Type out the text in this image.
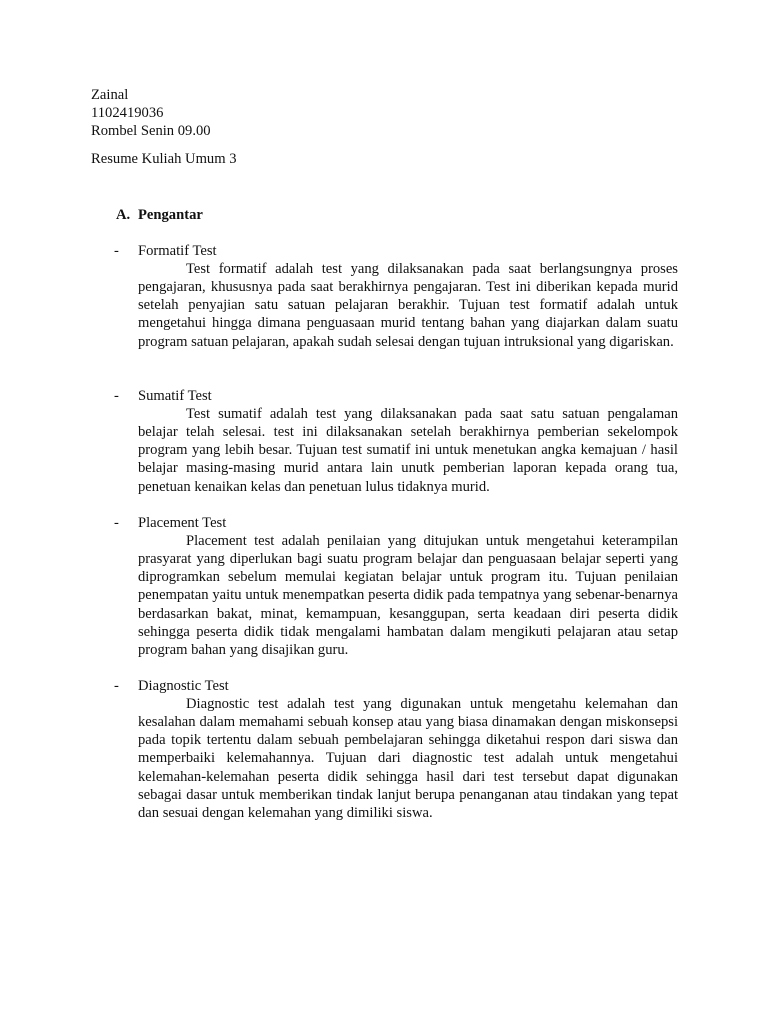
Zainal
1102419036
Rombel Senin 09.00
Resume Kuliah Umum 3
A. Pengantar
- Formatif Test
Test formatif adalah test yang dilaksanakan pada saat berlangsungnya proses pengajaran, khususnya pada saat berakhirnya pengajaran. Test ini diberikan kepada murid setelah penyajian satu satuan pelajaran berakhir. Tujuan test formatif adalah untuk mengetahui hingga dimana penguasaan murid tentang bahan yang diajarkan dalam suatu program satuan pelajaran, apakah sudah selesai dengan tujuan intruksional yang digariskan.
- Sumatif Test
Test sumatif adalah test yang dilaksanakan pada saat satu satuan pengalaman belajar telah selesai. test ini dilaksanakan setelah berakhirnya pemberian sekelompok program yang lebih besar. Tujuan test sumatif ini untuk menetukan angka kemajuan / hasil belajar masing-masing murid antara lain unutk pemberian laporan kepada orang tua, penetuan kenaikan kelas dan penetuan lulus tidaknya murid.
- Placement Test
Placement test adalah penilaian yang ditujukan untuk mengetahui keterampilan prasyarat yang diperlukan bagi suatu program belajar dan penguasaan belajar seperti yang diprogramkan sebelum memulai kegiatan belajar untuk program itu. Tujuan penilaian penempatan yaitu untuk menempatkan peserta didik pada tempatnya yang sebenar-benarnya berdasarkan bakat, minat, kemampuan, kesanggupan, serta keadaan diri peserta didik sehingga peserta didik tidak mengalami hambatan dalam mengikuti pelajaran atau setap program bahan yang disajikan guru.
- Diagnostic Test
Diagnostic test adalah test yang digunakan untuk mengetahu kelemahan dan kesalahan dalam memahami sebuah konsep atau yang biasa dinamakan dengan miskonsepsi pada topik tertentu dalam sebuah pembelajaran sehingga diketahui respon dari siswa dan memperbaiki kelemahannya. Tujuan dari diagnostic test adalah untuk mengetahui kelemahan-kelemahan peserta didik sehingga hasil dari test tersebut dapat digunakan sebagai dasar untuk memberikan tindak lanjut berupa penanganan atau tindakan yang tepat dan sesuai dengan kelemahan yang dimiliki siswa.
